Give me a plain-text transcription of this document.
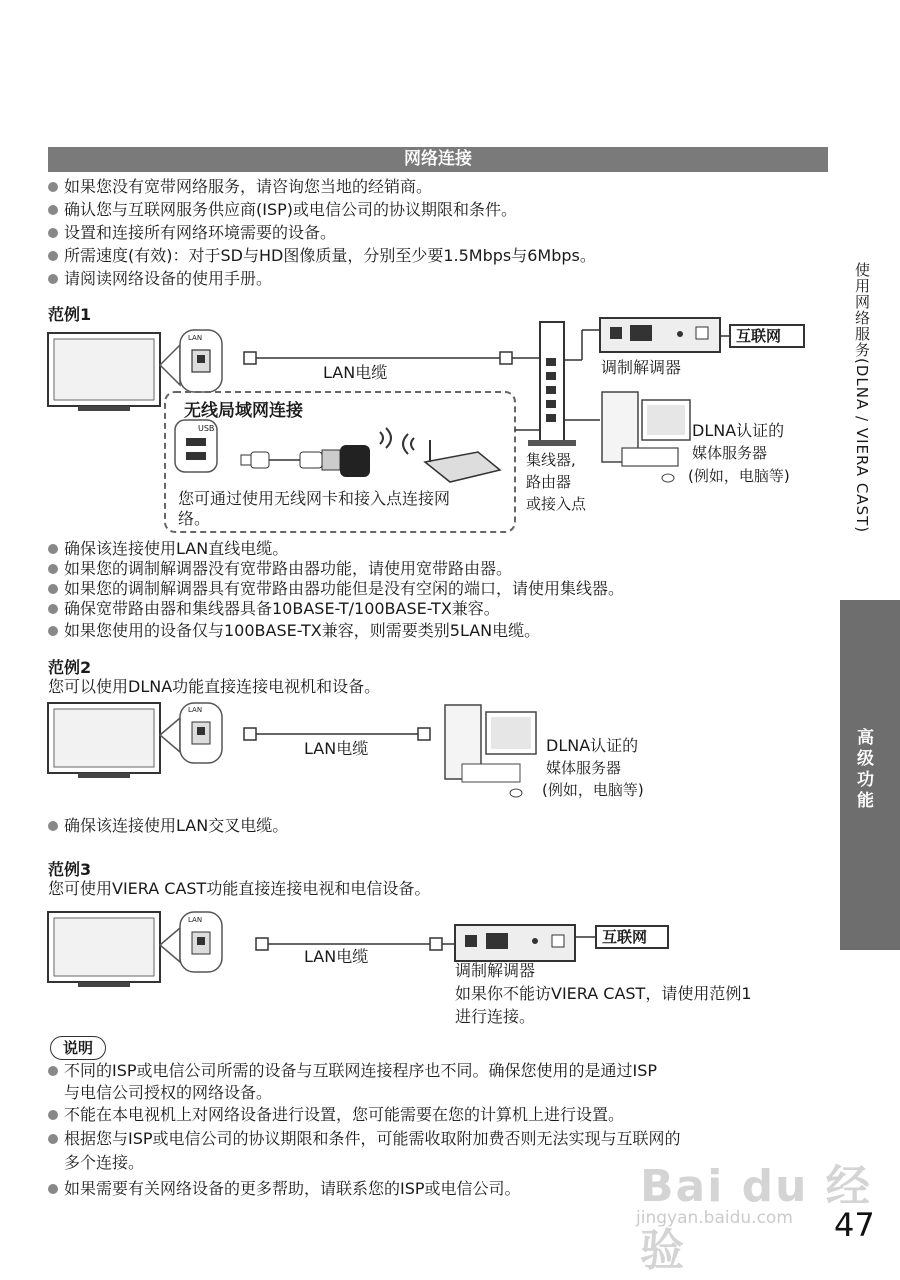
网络连接
如果您没有宽带网络服务，请咨询您当地的经销商。
确认您与互联网服务供应商(ISP)或电信公司的协议期限和条件。
设置和连接所有网络环境需要的设备。
所需速度(有效)：对于SD与HD图像质量，分别至少要1.5Mbps与6Mbps。
请阅读网络设备的使用手册。
范例1
LAN
LAN电缆	调制解调器
互联网
无线局域网连接
USB
您可通过使用无线网卡和接入点连接网
络。
集线器,
路由器
或接入点
DLNA认证的
媒体服务器
(例如，电脑等)
确保该连接使用LAN直线电缆。
如果您的调制解调器没有宽带路由器功能，请使用宽带路由器。
如果您的调制解调器具有宽带路由器功能但是没有空闲的端口，请使用集线器。
确保宽带路由器和集线器具备10BASE-T/100BASE-TX兼容。
如果您使用的设备仅与100BASE-TX兼容，则需要类别5LAN电缆。
范例2
您可以使用DLNA功能直接连接电视机和设备。
LAN
LAN电缆	DLNA认证的
媒体服务器
(例如，电脑等)
确保该连接使用LAN交叉电缆。
范例3
您可使用VIERA CAST功能直接连接电视和电信设备。
LAN
LAN电缆
互联网
调制解调器
如果你不能访VIERA CAST，请使用范例1
进行连接。
说明
不同的ISP或电信公司所需的设备与互联网连接程序也不同。确保您使用的是通过ISP
与电信公司授权的网络设备。
不能在本电视机上对网络设备进行设置，您可能需要在您的计算机上进行设置。
根据您与ISP或电信公司的协议期限和条件，可能需收取附加费否则无法实现与互联网的
多个连接。
如果需要有关网络设备的更多帮助，请联系您的ISP或电信公司。
使用网络服务(DLNA / VIERA CAST)
高级功能
Bai du 经验
jingyan.baidu.com 47
